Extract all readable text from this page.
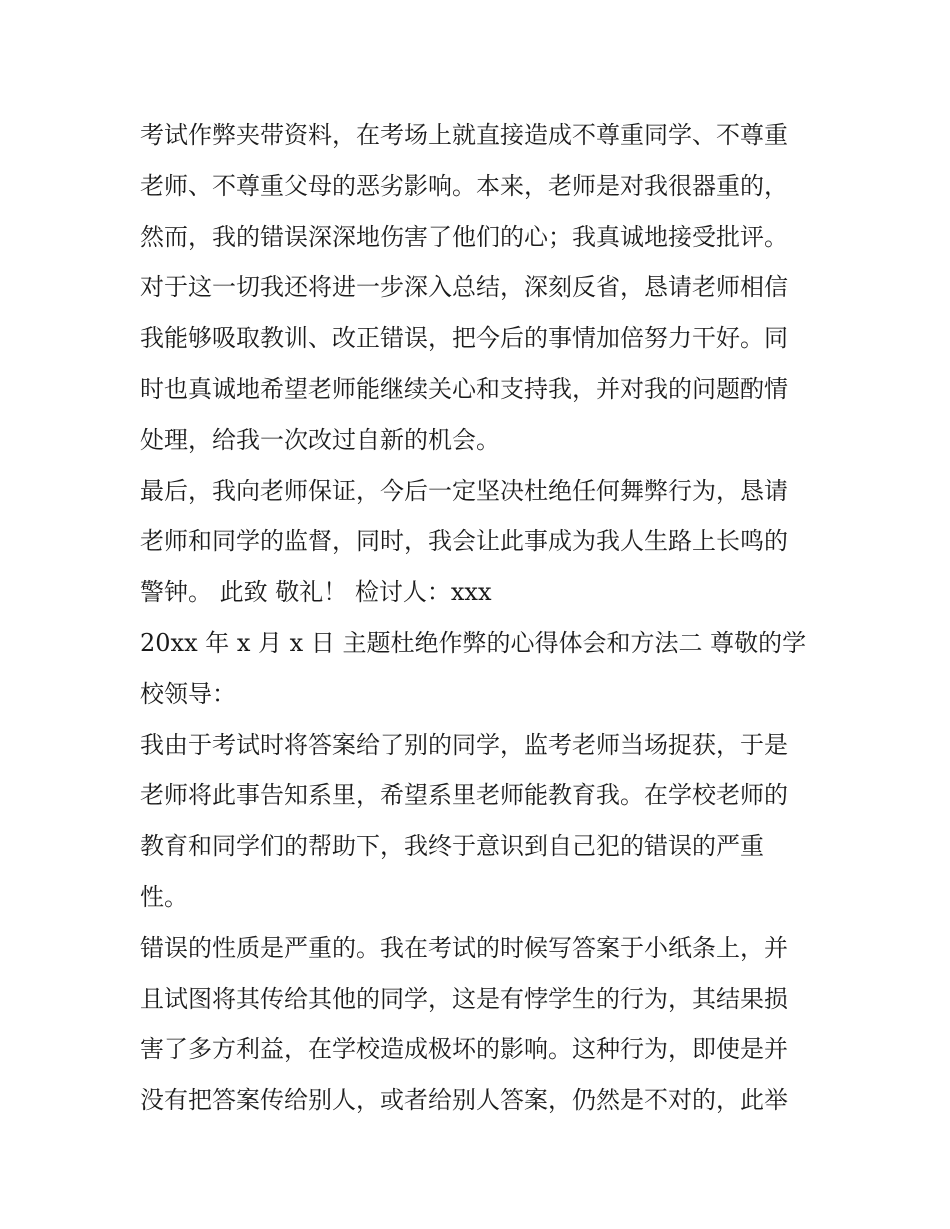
考试作弊夹带资料，在考场上就直接造成不尊重同学、不尊重
老师、不尊重父母的恶劣影响。本来，老师是对我很器重的，
然而，我的错误深深地伤害了他们的心；我真诚地接受批评。
对于这一切我还将进一步深入总结，深刻反省，恳请老师相信
我能够吸取教训、改正错误，把今后的事情加倍努力干好。同
时也真诚地希望老师能继续关心和支持我，并对我的问题酌情
处理，给我一次改过自新的机会。
最后，我向老师保证，今后一定坚决杜绝任何舞弊行为，恳请
老师和同学的监督，同时，我会让此事成为我人生路上长鸣的
警钟。 此致 敬礼！ 检讨人：xxx
20xx 年 x 月 x 日 主题杜绝作弊的心得体会和方法二 尊敬的学
校领导：
我由于考试时将答案给了别的同学，监考老师当场捉获，于是
老师将此事告知系里，希望系里老师能教育我。在学校老师的
教育和同学们的帮助下，我终于意识到自己犯的错误的严重
性。
错误的性质是严重的。我在考试的时候写答案于小纸条上，并
且试图将其传给其他的同学，这是有悖学生的行为，其结果损
害了多方利益，在学校造成极坏的影响。这种行为，即使是并
没有把答案传给别人，或者给别人答案，仍然是不对的，此举
